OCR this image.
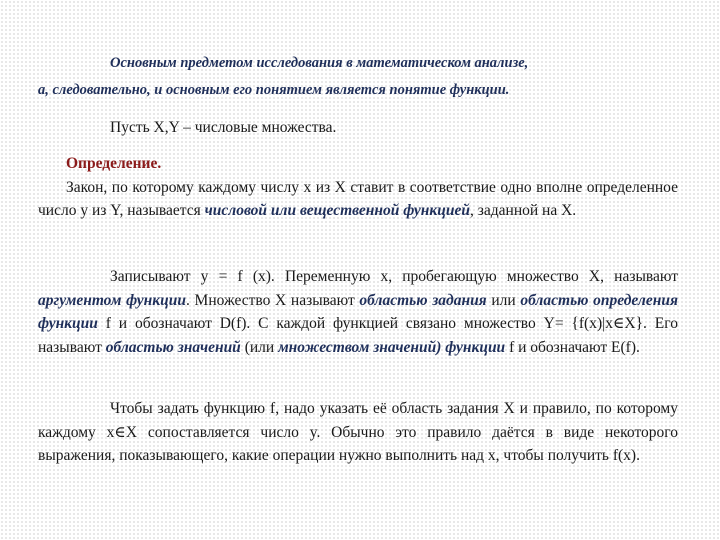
Основным предметом исследования в математическом анализе,
а, следовательно, и основным его понятием является понятие функции.
Пусть X,Y – числовые множества.
Определение.
Закон, по которому каждому числу x из X ставит в соответствие одно вполне определенное число y из Y, называется числовой или вещественной функцией, заданной на X.
Записывают y = f (x). Переменную x, пробегающую множество X, называют аргументом функции. Множество X называют областью задания или областью определения функции f и обозначают D(f). С каждой функцией связано множество Y= {f(x)|x∈X}. Его называют областью значений (или множеством значений) функции f и обозначают E(f).
Чтобы задать функцию f, надо указать её область задания X и правило, по которому каждому x∈X сопоставляется число y. Обычно это правило даётся в виде некоторого выражения, показывающего, какие операции нужно выполнить над x, чтобы получить f(x).
